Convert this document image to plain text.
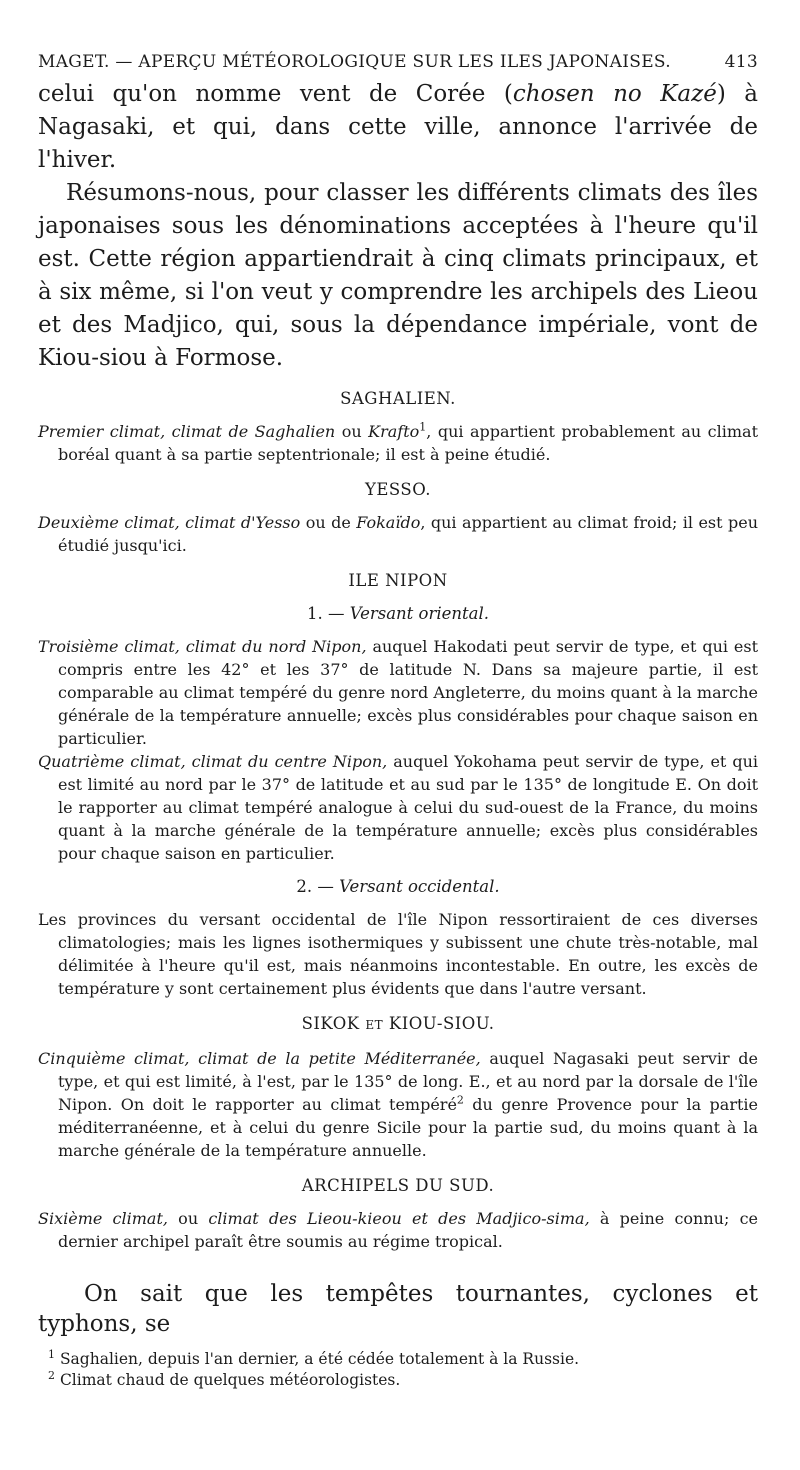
MAGET. — APERÇU MÉTÉOROLOGIQUE SUR LES ILES JAPONAISES.	413

celui qu'on nomme vent de Corée (chosen no Kazé) à Nagasaki, et qui, dans cette ville, annonce l'arrivée de l'hiver.

Résumons-nous, pour classer les différents climats des îles japonaises sous les dénominations acceptées à l'heure qu'il est. Cette région appartiendrait à cinq climats principaux, et à six même, si l'on veut y comprendre les archipels des Lieou et des Madjico, qui, sous la dépendance impériale, vont de Kiou-siou à Formose.

SAGHALIEN.

Premier climat, climat de Saghalien ou Krafto$^1$, qui appartient probablement au climat boréal quant à sa partie septentrionale; il est à peine étudié.

YESSO.

Deuxième climat, climat d'Yesso ou de Fokaïdo, qui appartient au climat froid; il est peu étudié jusqu'ici.

ILE NIPON
1. — Versant oriental.

Troisième climat, climat du nord Nipon, auquel Hakodati peut servir de type, et qui est compris entre les 42° et les 37° de latitude N. Dans sa majeure partie, il est comparable au climat tempéré du genre nord Angleterre, du moins quant à la marche générale de la température annuelle; excès plus considérables pour chaque saison en particulier.

Quatrième climat, climat du centre Nipon, auquel Yokohama peut servir de type, et qui est limité au nord par le 37° de latitude et au sud par le 135° de longitude E. On doit le rapporter au climat tempéré analogue à celui du sud-ouest de la France, du moins quant à la marche générale de la température annuelle; excès plus considérables pour chaque saison en particulier.

2. — Versant occidental.

Les provinces du versant occidental de l'île Nipon ressortiraient de ces diverses climatologies; mais les lignes isothermiques y subissent une chute très-notable, mal délimitée à l'heure qu'il est, mais néanmoins incontestable. En outre, les excès de température y sont certainement plus évidents que dans l'autre versant.

SIKOK ET KIOU-SIOU.

Cinquième climat, climat de la petite Méditerranée, auquel Nagasaki peut servir de type, et qui est limité, à l'est, par le 135° de long. E., et au nord par la dorsale de l'île Nipon. On doit le rapporter au climat tempéré$^2$ du genre Provence pour la partie méditerranéenne, et à celui du genre Sicile pour la partie sud, du moins quant à la marche générale de la température annuelle.

ARCHIPELS DU SUD.

Sixième climat, ou climat des Lieou-kieou et des Madjico-sima, à peine connu; ce dernier archipel paraît être soumis au régime tropical.

On sait que les tempêtes tournantes, cyclones et typhons, se

$^1$ Saghalien, depuis l'an dernier, a été cédée totalement à la Russie.

$^2$ Climat chaud de quelques météorologistes.
